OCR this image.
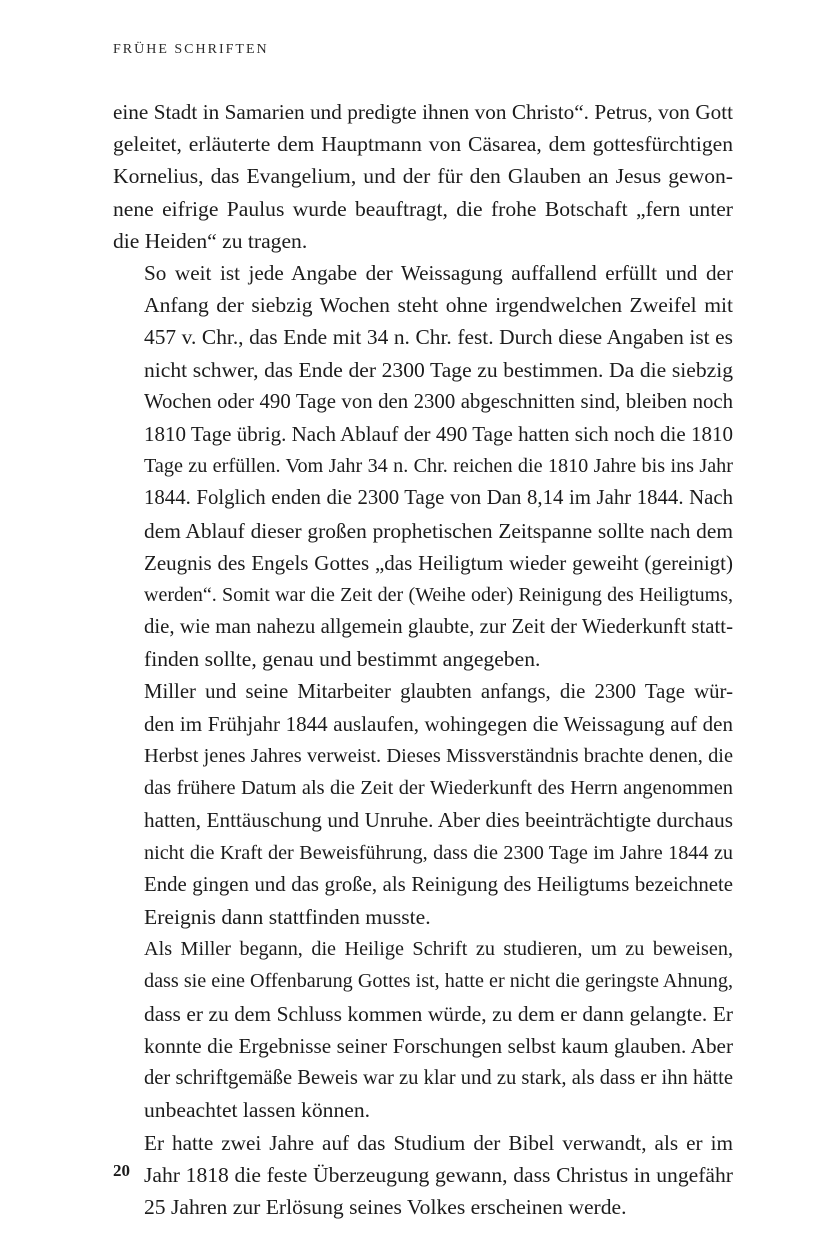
FRÜHE SCHRIFTEN

eine Stadt in Samarien und predigte ihnen von Christo“. Petrus, von Gott
geleitet, erläuterte dem Hauptmann von Cäsarea, dem gottesfürchtigen
Kornelius, das Evangelium, und der für den Glauben an Jesus gewon-
nene eifrige Paulus wurde beauftragt, die frohe Botschaft „fern unter
die Heiden“ zu tragen.

So weit ist jede Angabe der Weissagung auffallend erfüllt und der
Anfang der siebzig Wochen steht ohne irgendwelchen Zweifel mit
457 v. Chr., das Ende mit 34 n. Chr. fest. Durch diese Angaben ist es
nicht schwer, das Ende der 2300 Tage zu bestimmen. Da die siebzig
Wochen oder 490 Tage von den 2300 abgeschnitten sind, bleiben noch
1810 Tage übrig. Nach Ablauf der 490 Tage hatten sich noch die 1810
Tage zu erfüllen. Vom Jahr 34 n. Chr. reichen die 1810 Jahre bis ins Jahr
1844. Folglich enden die 2300 Tage von Dan 8,14 im Jahr 1844. Nach
dem Ablauf dieser großen prophetischen Zeitspanne sollte nach dem
Zeugnis des Engels Gottes „das Heiligtum wieder geweiht (gereinigt)
werden“. Somit war die Zeit der (Weihe oder) Reinigung des Heiligtums,
die, wie man nahezu allgemein glaubte, zur Zeit der Wiederkunft statt-
finden sollte, genau und bestimmt angegeben.

Miller und seine Mitarbeiter glaubten anfangs, die 2300 Tage wür-
den im Frühjahr 1844 auslaufen, wohingegen die Weissagung auf den
Herbst jenes Jahres verweist. Dieses Missverständnis brachte denen, die
das frühere Datum als die Zeit der Wiederkunft des Herrn angenommen
hatten, Enttäuschung und Unruhe. Aber dies beeinträchtigte durchaus
nicht die Kraft der Beweisführung, dass die 2300 Tage im Jahre 1844 zu
Ende gingen und das große, als Reinigung des Heiligtums bezeichnete
Ereignis dann stattfinden musste.

Als Miller begann, die Heilige Schrift zu studieren, um zu beweisen,
dass sie eine Offenbarung Gottes ist, hatte er nicht die geringste Ahnung,
dass er zu dem Schluss kommen würde, zu dem er dann gelangte. Er
konnte die Ergebnisse seiner Forschungen selbst kaum glauben. Aber
der schriftgemäße Beweis war zu klar und zu stark, als dass er ihn hätte
unbeachtet lassen können.

Er hatte zwei Jahre auf das Studium der Bibel verwandt, als er im
Jahr 1818 die feste Überzeugung gewann, dass Christus in ungefähr
25 Jahren zur Erlösung seines Volkes erscheinen werde.

20
